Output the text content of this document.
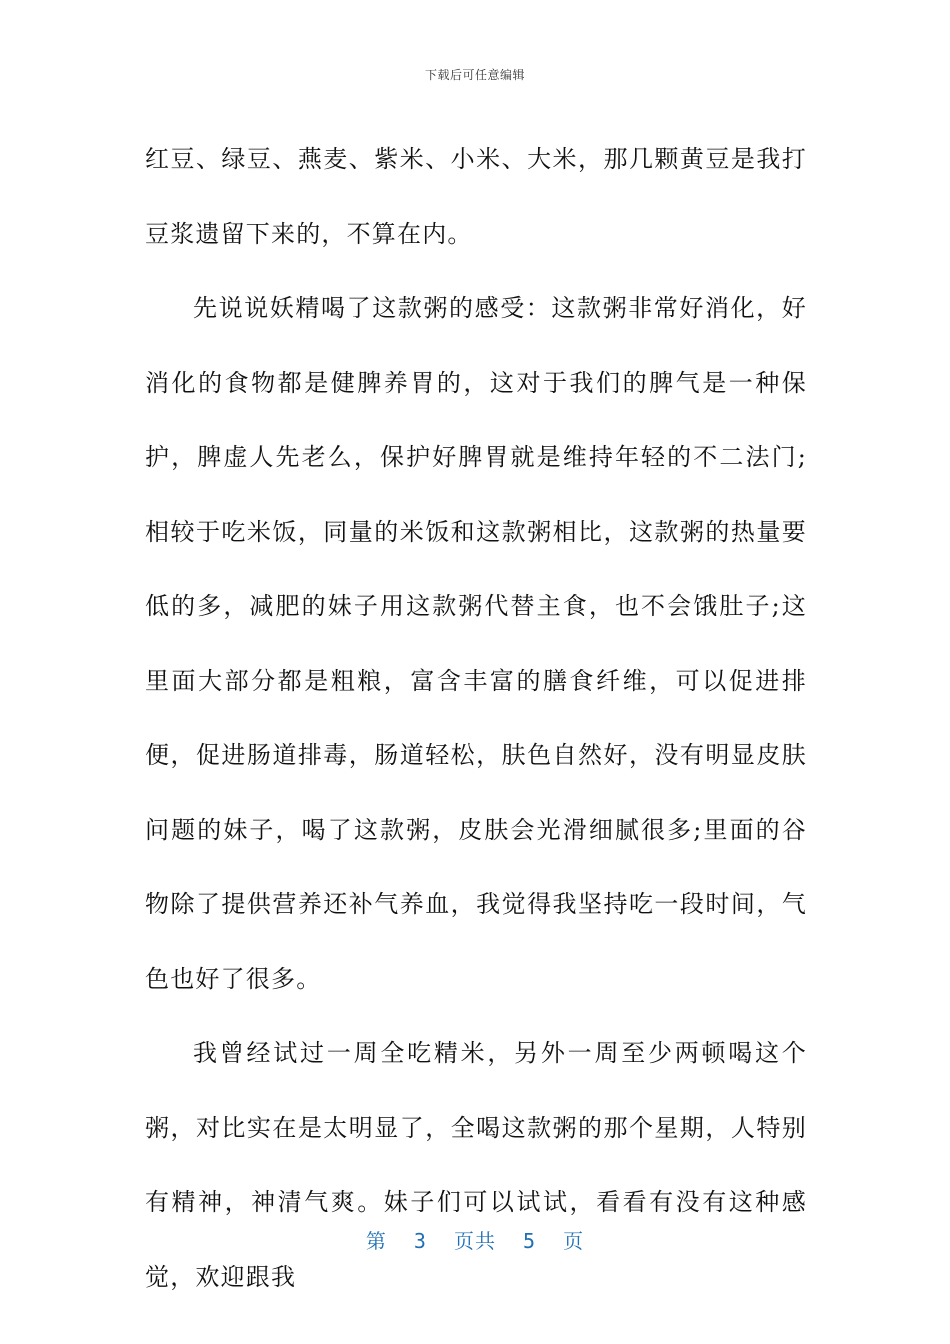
下载后可任意编辑

红豆、绿豆、燕麦、紫米、小米、大米，那几颗黄豆是我打豆浆遗留下来的，不算在内。

先说说妖精喝了这款粥的感受：这款粥非常好消化，好消化的食物都是健脾养胃的，这对于我们的脾气是一种保护，脾虚人先老么，保护好脾胃就是维持年轻的不二法门;相较于吃米饭，同量的米饭和这款粥相比，这款粥的热量要低的多，减肥的妹子用这款粥代替主食，也不会饿肚子;这里面大部分都是粗粮，富含丰富的膳食纤维，可以促进排便，促进肠道排毒，肠道轻松，肤色自然好，没有明显皮肤问题的妹子，喝了这款粥，皮肤会光滑细腻很多;里面的谷物除了提供营养还补气养血，我觉得我坚持吃一段时间，气色也好了很多。

我曾经试过一周全吃精米，另外一周至少两顿喝这个粥，对比实在是太明显了，全喝这款粥的那个星期，人特别有精神，神清气爽。妹子们可以试试，看看有没有这种感觉，欢迎跟我

第 3 页共 5 页
